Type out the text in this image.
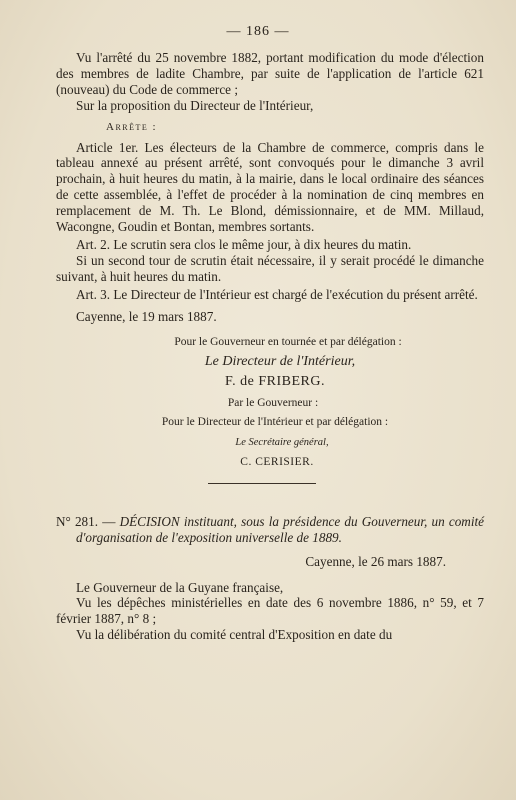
— 186 —

Vu l'arrêté du 25 novembre 1882, portant modification du mode d'élection des membres de ladite Chambre, par suite de l'application de l'article 621 (nouveau) du Code de commerce ;

Sur la proposition du Directeur de l'Intérieur,

Arrête :

Article 1er. Les électeurs de la Chambre de commerce, compris dans le tableau annexé au présent arrêté, sont convoqués pour le dimanche 3 avril prochain, à huit heures du matin, à la mairie, dans le local ordinaire des séances de cette assemblée, à l'effet de procéder à la nomination de cinq membres en remplacement de M. Th. Le Blond, démissionnaire, et de MM. Millaud, Wacongne, Goudin et Bontan, membres sortants.

Art. 2. Le scrutin sera clos le même jour, à dix heures du matin.

Si un second tour de scrutin était nécessaire, il y serait procédé le dimanche suivant, à huit heures du matin.

Art. 3. Le Directeur de l'Intérieur est chargé de l'exécution du présent arrêté.

Cayenne, le 19 mars 1887.

Pour le Gouverneur en tournée et par délégation :

Le Directeur de l'Intérieur,

F. de FRIBERG.

Par le Gouverneur :

Pour le Directeur de l'Intérieur et par délégation :

Le Secrétaire général,

C. CERISIER.

N° 281. — DÉCISION instituant, sous la présidence du Gouverneur, un comité d'organisation de l'exposition universelle de 1889.

Cayenne, le 26 mars 1887.

Le Gouverneur de la Guyane française,

Vu les dépêches ministérielles en date des 6 novembre 1886, n° 59, et 7 février 1887, n° 8 ;

Vu la délibération du comité central d'Exposition en date du
